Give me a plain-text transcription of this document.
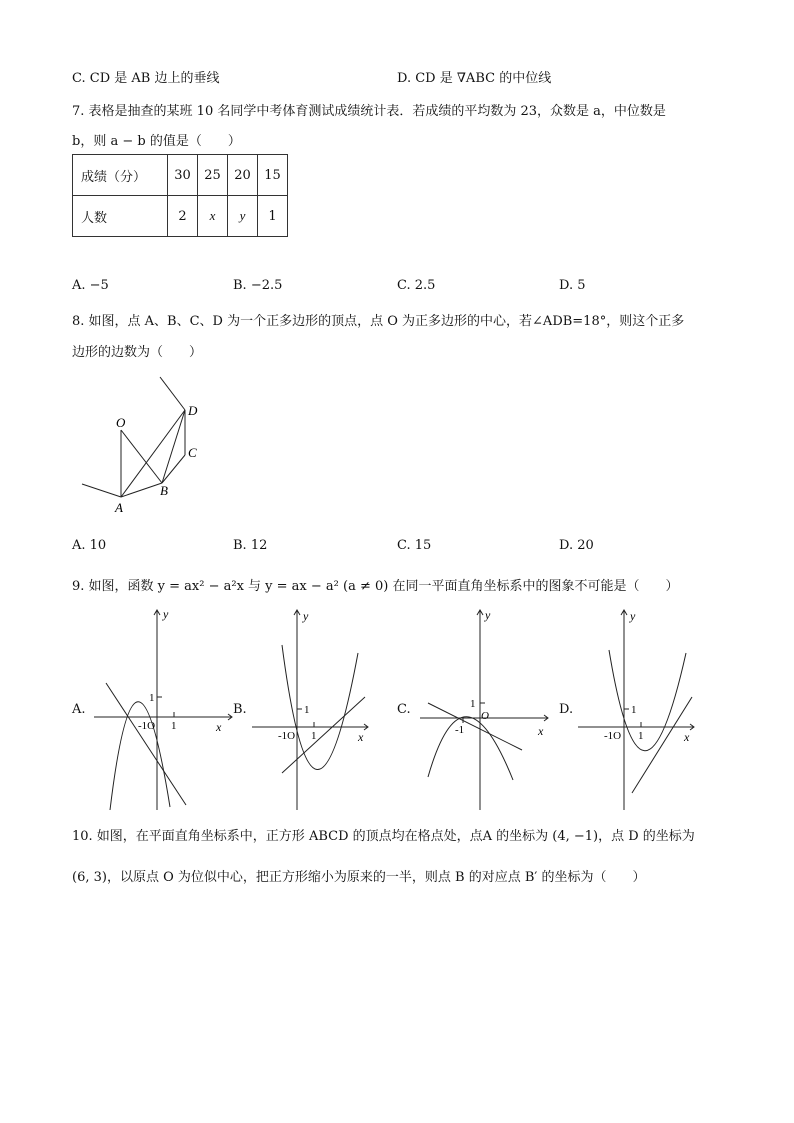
C. CD 是 AB 边上的垂线	D. CD 是 ∇ABC 的中位线
7. 表格是抽查的某班 10 名同学中考体育测试成绩统计表．若成绩的平均数为 23，众数是 a，中位数是
b，则 a − b 的值是（　　）
成绩（分）	30	25	20	15
人数	2	x	y	1
A. −5	B. −2.5	C. 2.5	D. 5
8. 如图，点 A、B、C、D 为一个正多边形的顶点，点 O 为正多边形的中心，若∠ADB=18°，则这个正多
边形的边数为（　　）
O
D
C
B
A
A. 10	B. 12	C. 15	D. 20
9. 如图，函数 y = ax² − a²x 与 y = ax − a² (a ≠ 0) 在同一平面直角坐标系中的图象不可能是（　　）
A.
y
x
1
-1O 1
B.
y
x
1
-1O 1
C.
y
x
1
O
-1
D.
y
x
1
-1O 1
10. 如图，在平面直角坐标系中，正方形 ABCD 的顶点均在格点处，点A 的坐标为 (4, −1)，点 D 的坐标为
(6, 3)，以原点 O 为位似中心，把正方形缩小为原来的一半，则点 B 的对应点 B′ 的坐标为（　　）
